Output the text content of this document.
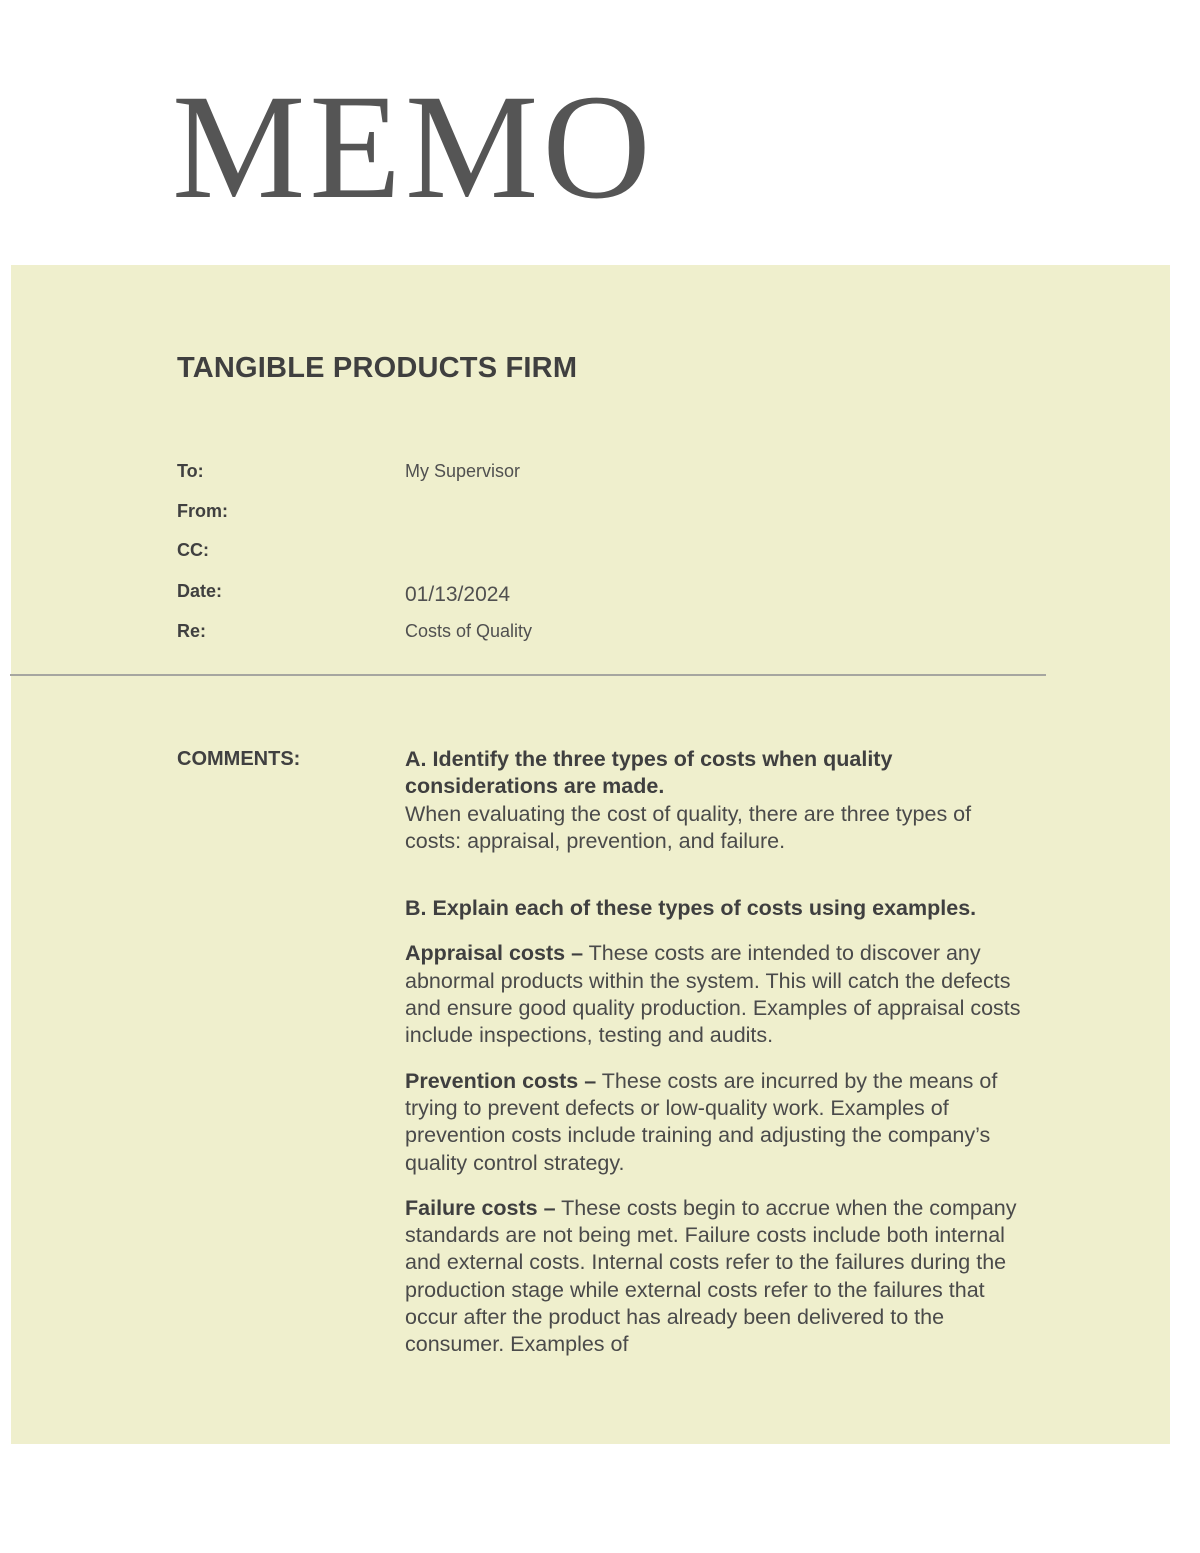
MEMO
TANGIBLE PRODUCTS FIRM
To:	My Supervisor
From:
CC:
Date:	01/13/2024
Re:	Costs of Quality
COMMENTS:	A. Identify the three types of costs when quality considerations are made.

When evaluating the cost of quality, there are three types of costs: appraisal, prevention, and failure.

B. Explain each of these types of costs using examples.

Appraisal costs – These costs are intended to discover any abnormal products within the system. This will catch the defects and ensure good quality production. Examples of appraisal costs include inspections, testing and audits.

Prevention costs – These costs are incurred by the means of trying to prevent defects or low-quality work. Examples of prevention costs include training and adjusting the company’s quality control strategy.

Failure costs – These costs begin to accrue when the company standards are not being met. Failure costs include both internal and external costs. Internal costs refer to the failures during the production stage while external costs refer to the failures that occur after the product has already been delivered to the consumer. Examples of
